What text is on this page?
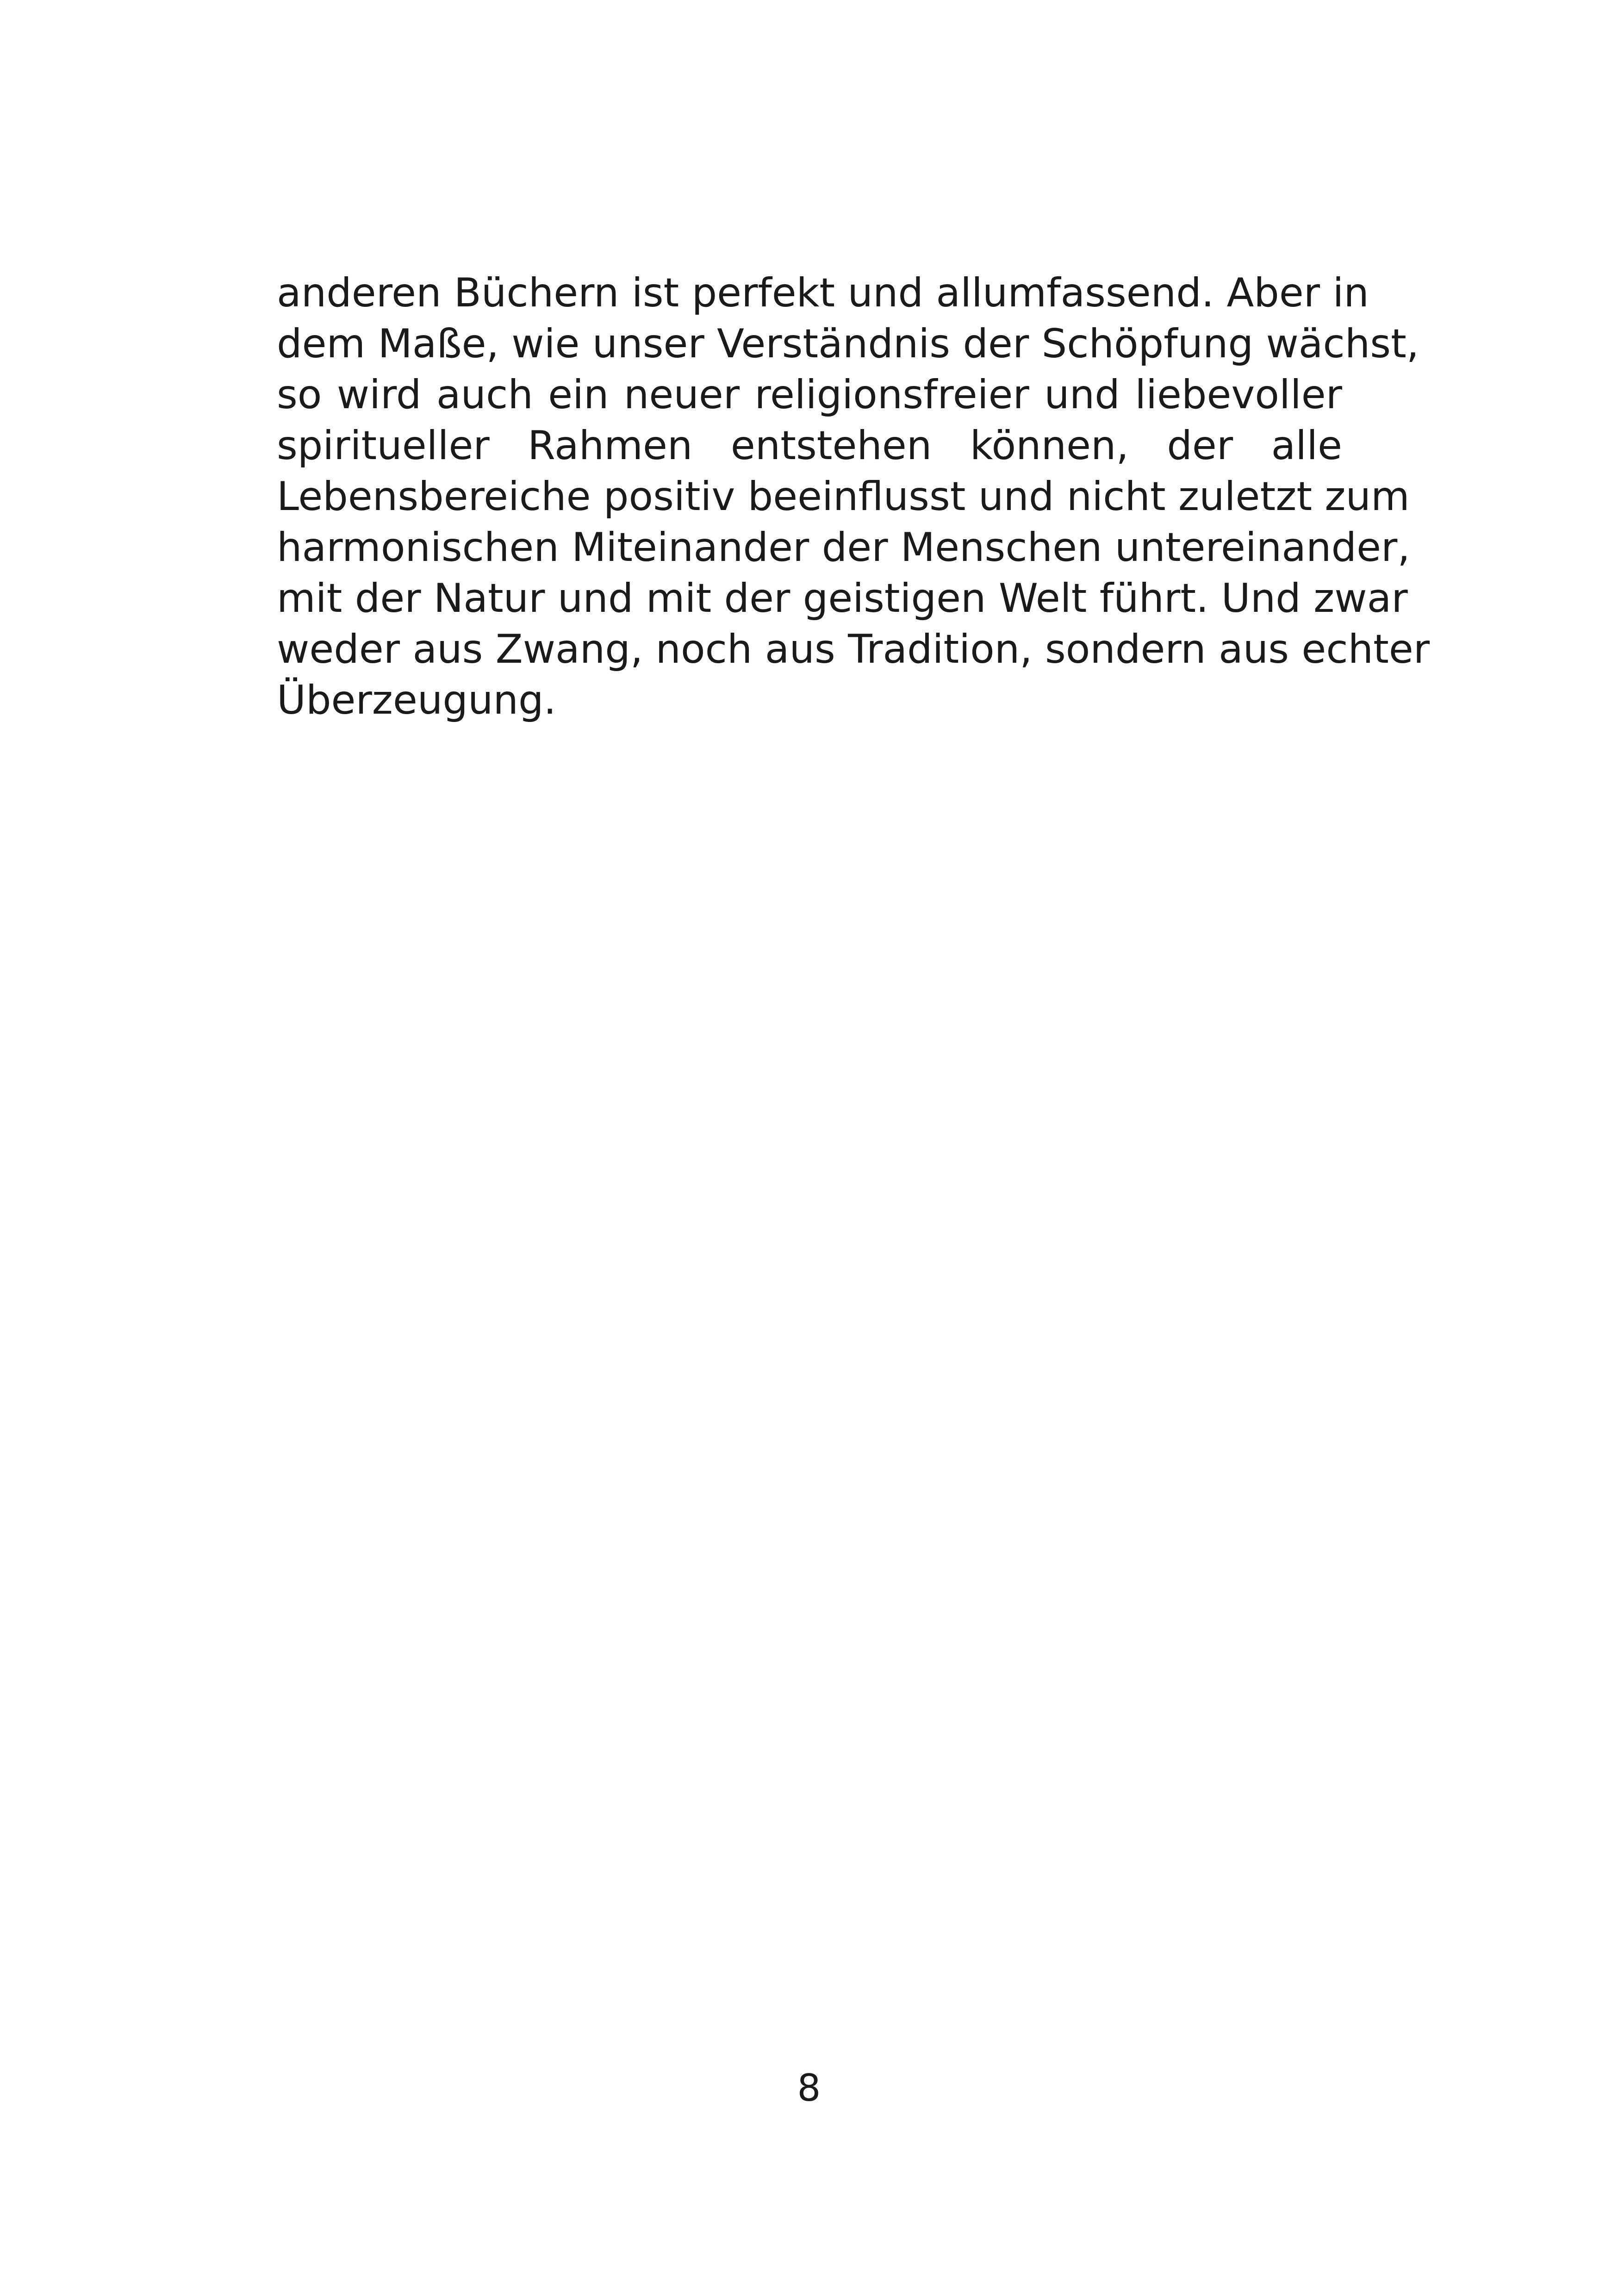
anderen Büchern ist perfekt und allumfassend. Aber in
dem Maße, wie unser Verständnis der Schöpfung wächst,
so wird auch ein neuer religionsfreier und liebevoller
spiritueller Rahmen entstehen können, der alle
Lebensbereiche positiv beeinflusst und nicht zuletzt zum
harmonischen Miteinander der Menschen untereinander,
mit der Natur und mit der geistigen Welt führt. Und zwar
weder aus Zwang, noch aus Tradition, sondern aus echter
Überzeugung.
8
